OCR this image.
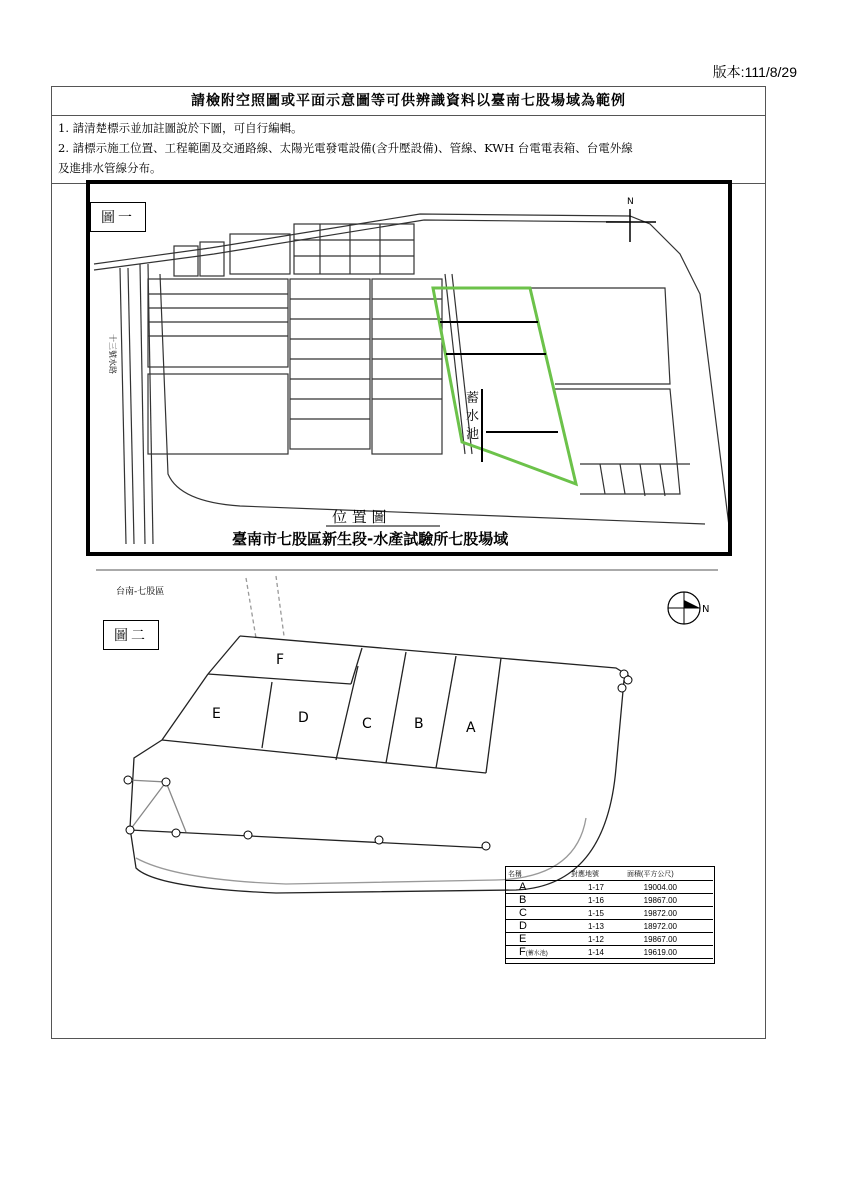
版本:111/8/29
請檢附空照圖或平面示意圖等可供辨識資料以臺南七股場域為範例
1. 請清楚標示並加註圖說於下圖，可自行編輯。
2. 請標示施工位置、工程範圍及交通路線、太陽光電發電設備(含升壓設備)、管線、KWH 台電電表箱、台電外線
及進排水管線分布。
N
十三號水路
蓄
水
池
位 置 圖
臺南市七股區新生段-水產試驗所七股場域
圖一
台南-七股區
N
F
E	D	C	B	A
圖二
名稱	對應地號	面積(平方公尺)
A	1-17	19004.00
B	1-16	19867.00
C	1-15	19872.00
D	1-13	18972.00
E	1-12	19867.00
F(蓄水池)	1-14	19619.00
